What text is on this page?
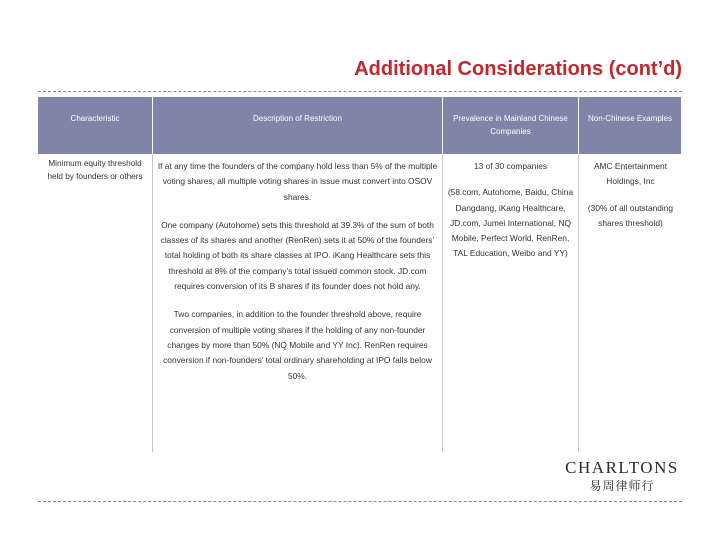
Additional Considerations (cont’d)
Characteristic	Description of Restriction	Prevalence in Mainland Chinese Companies
Non-Chinese Examples
Minimum equity threshold held by founders or others

If at any time the founders of the company hold less than 5% of the multiple voting shares, all multiple voting shares in issue must convert into OSOV shares.

One company (Autohome) sets this threshold at 39.3% of the sum of both classes of its shares and another (RenRen) sets it at 50% of the founders’ total holding of both its share classes at IPO. iKang Healthcare sets this threshold at 8% of the company’s total issued common stock. JD.com requires conversion of its B shares if its founder does not hold any.

Two companies, in addition to the founder threshold above, require conversion of multiple voting shares if the holding of any non-founder changes by more than 50% (NQ Mobile and YY Inc). RenRen requires conversion if non-founders’ total ordinary shareholding at IPO falls below 50%.

13 of 30 companies
(58.com, Autohome, Baidu, China Dangdang, iKang Healthcare, JD.com, Jumei International, NQ Mobile, Perfect World, RenRen, TAL Education, Weibo and YY)
AMC Entertainment Holdings, Inc
(30% of all outstanding shares threshold)
CHARLTONS
易周律师行
